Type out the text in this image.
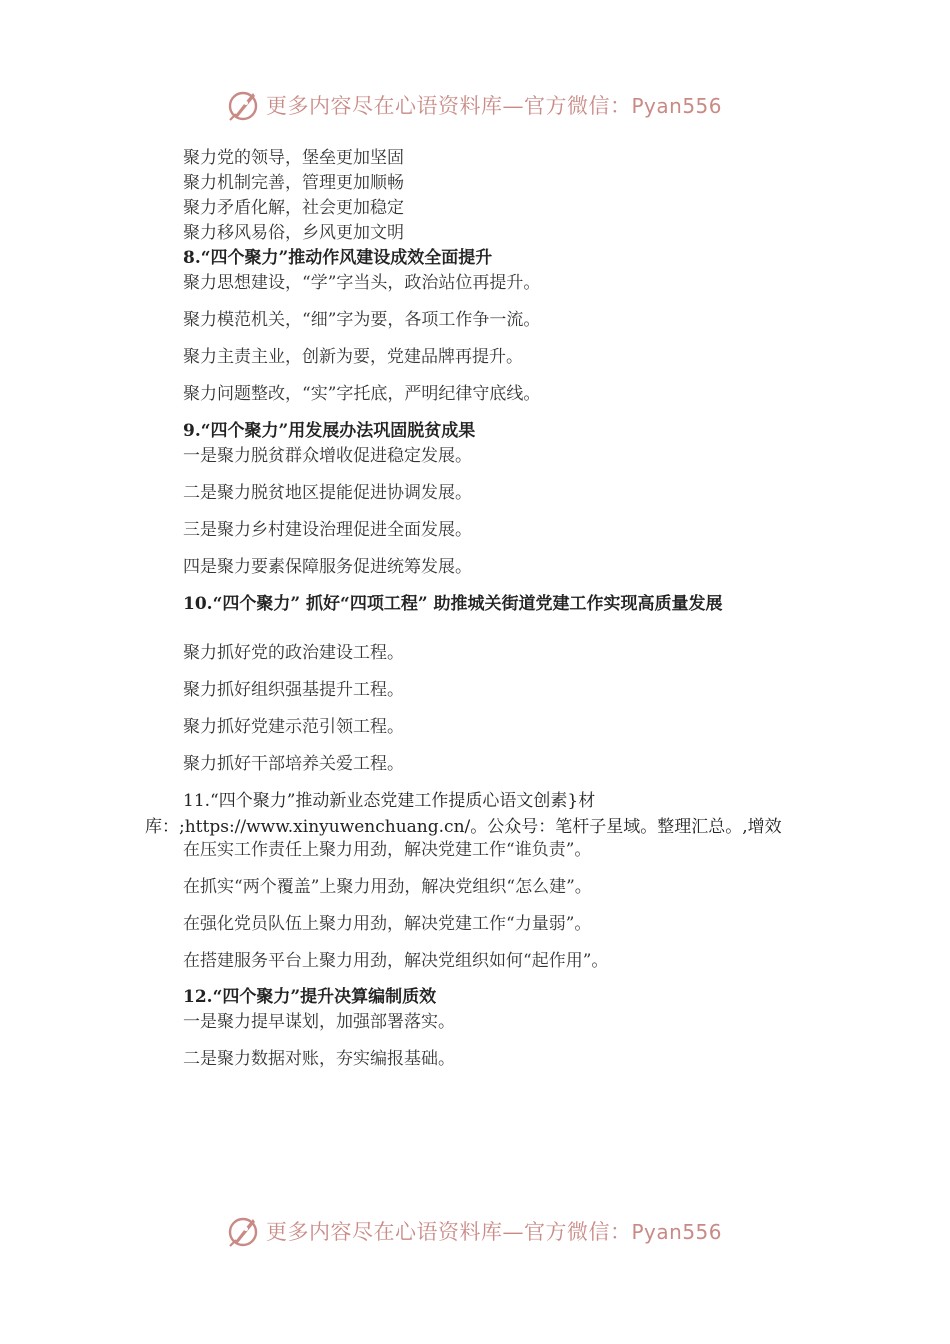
更多内容尽在心语资料库—官方微信：Pyan556
聚力党的领导，堡垒更加坚固
聚力机制完善，管理更加顺畅
聚力矛盾化解，社会更加稳定
聚力移风易俗，乡风更加文明
8.“四个聚力”推动作风建设成效全面提升
聚力思想建设，“学”字当头，政治站位再提升。
聚力模范机关，“细”字为要，各项工作争一流。
聚力主责主业，创新为要，党建品牌再提升。
聚力问题整改，“实”字托底，严明纪律守底线。
9.“四个聚力”用发展办法巩固脱贫成果
一是聚力脱贫群众增收促进稳定发展。
二是聚力脱贫地区提能促进协调发展。
三是聚力乡村建设治理促进全面发展。
四是聚力要素保障服务促进统筹发展。
10.“四个聚力” 抓好“四项工程” 助推城关街道党建工作实现高质量发展
聚力抓好党的政治建设工程。
聚力抓好组织强基提升工程。
聚力抓好党建示范引领工程。
聚力抓好干部培养关爱工程。
11.“四个聚力”推动新业态党建工作提质心语文创素}材库：;https://www.xinyuwenchuang.cn/。公众号：笔杆子星域。整理汇总。,增效
在压实工作责任上聚力用劲，解决党建工作“谁负责”。
在抓实“两个覆盖”上聚力用劲，解决党组织“怎么建”。
在强化党员队伍上聚力用劲，解决党建工作“力量弱”。
在搭建服务平台上聚力用劲，解决党组织如何“起作用”。
12.“四个聚力”提升决算编制质效
一是聚力提早谋划，加强部署落实。
二是聚力数据对账，夯实编报基础。
更多内容尽在心语资料库—官方微信：Pyan556
